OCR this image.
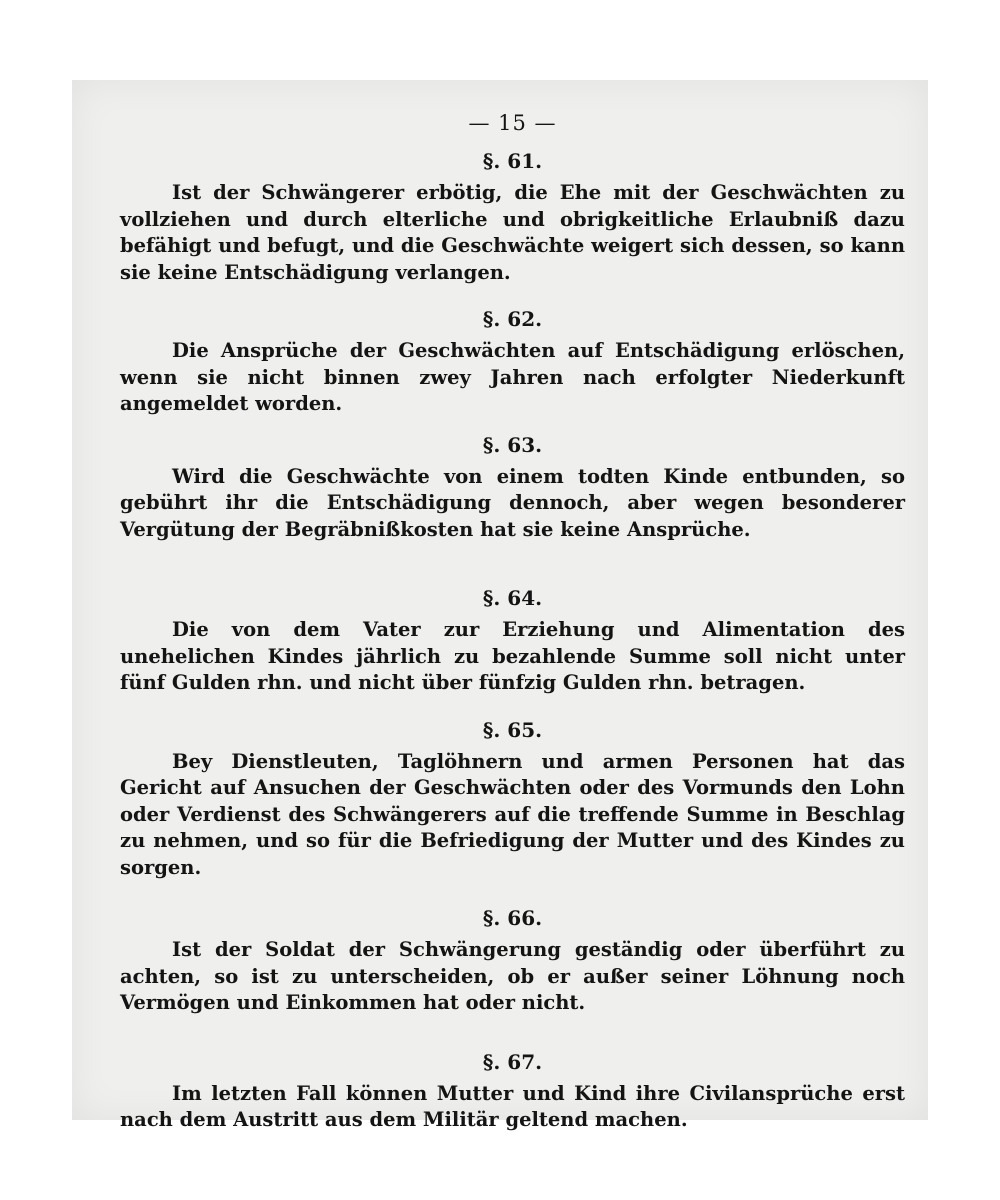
— 15 —

§. 61.

Ist der Schwängerer erbötig, die Ehe mit der Geschwächten zu vollziehen und durch elterliche und obrigkeitliche Erlaubniß dazu befähigt und befugt, und die Geschwächte weigert sich dessen, so kann sie keine Entschädigung verlangen.

§. 62.

Die Ansprüche der Geschwächten auf Entschädigung erlöschen, wenn sie nicht binnen zwey Jahren nach erfolgter Niederkunft angemeldet worden.

§. 63.

Wird die Geschwächte von einem todten Kinde entbunden, so gebührt ihr die Entschädigung dennoch, aber wegen besonderer Vergütung der Begräbnißkosten hat sie keine Ansprüche.

§. 64.

Die von dem Vater zur Erziehung und Alimentation des unehelichen Kindes jährlich zu bezahlende Summe soll nicht unter fünf Gulden rhn. und nicht über fünfzig Gulden rhn. betragen.

§. 65.

Bey Dienstleuten, Taglöhnern und armen Personen hat das Gericht auf Ansuchen der Geschwächten oder des Vormunds den Lohn oder Verdienst des Schwängerers auf die treffende Summe in Beschlag zu nehmen, und so für die Befriedigung der Mutter und des Kindes zu sorgen.

§. 66.

Ist der Soldat der Schwängerung geständig oder überführt zu achten, so ist zu unterscheiden, ob er außer seiner Löhnung noch Vermögen und Einkommen hat oder nicht.

§. 67.

Im letzten Fall können Mutter und Kind ihre Civilansprüche erst nach dem Austritt aus dem Militär geltend machen.
